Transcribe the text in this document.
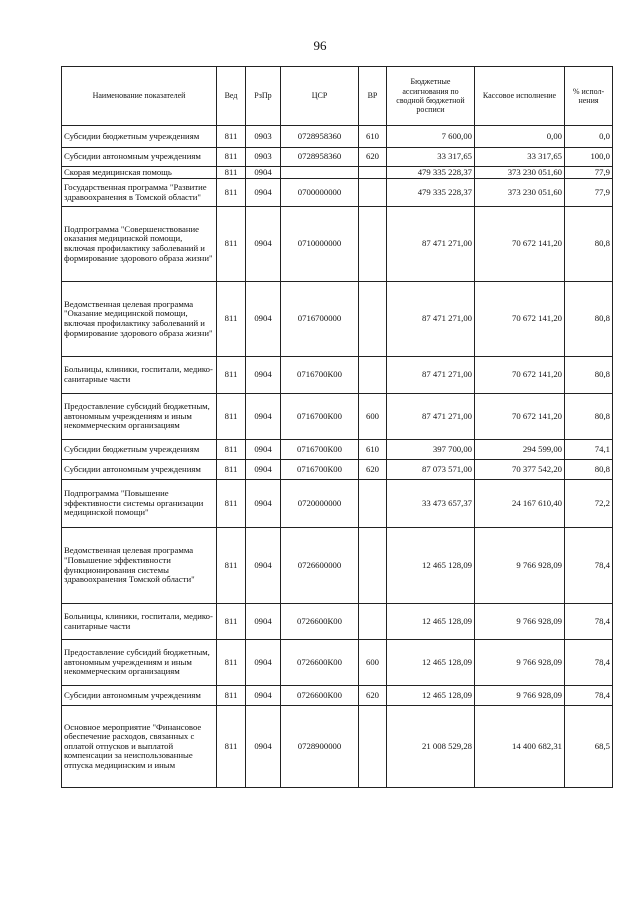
96
Наименование показателей	Вед	РзПр	ЦСР	ВР	Бюджетные ассигнования по сводной бюджетной росписи	Кассовое исполнение	% испол- нения
Субсидии бюджетным учреждениям	811	0903	0728958360	610	7 600,00	0,00	0,0
Субсидии автономным учреждениям	811	0903	0728958360	620	33 317,65	33 317,65	100,0
Скорая медицинская помощь	811	0904			479 335 228,37	373 230 051,60	77,9
Государственная программа "Развитие здравоохранения в Томской области"	811	0904	0700000000		479 335 228,37	373 230 051,60	77,9
Подпрограмма "Совершенствование оказания медицинской помощи, включая профилактику заболеваний и формирование здорового образа жизни"	811	0904	0710000000		87 471 271,00	70 672 141,20	80,8
Ведомственная целевая программа "Оказание медицинской помощи, включая профилактику заболеваний и формирование здорового образа жизни"	811	0904	0716700000		87 471 271,00	70 672 141,20	80,8
Больницы, клиники, госпитали, медико-санитарные части	811	0904	0716700К00		87 471 271,00	70 672 141,20	80,8
Предоставление субсидий бюджетным, автономным учреждениям и иным некоммерческим организациям	811	0904	0716700К00	600	87 471 271,00	70 672 141,20	80,8
Субсидии бюджетным учреждениям	811	0904	0716700К00	610	397 700,00	294 599,00	74,1
Субсидии автономным учреждениям	811	0904	0716700К00	620	87 073 571,00	70 377 542,20	80,8
Подпрограмма "Повышение эффективности системы организации медицинской помощи"	811	0904	0720000000		33 473 657,37	24 167 610,40	72,2
Ведомственная целевая программа "Повышение эффективности функционирования системы здравоохранения Томской области"	811	0904	0726600000		12 465 128,09	9 766 928,09	78,4
Больницы, клиники, госпитали, медико-санитарные части	811	0904	0726600К00		12 465 128,09	9 766 928,09	78,4
Предоставление субсидий бюджетным, автономным учреждениям и иным некоммерческим организациям	811	0904	0726600К00	600	12 465 128,09	9 766 928,09	78,4
Субсидии автономным учреждениям	811	0904	0726600К00	620	12 465 128,09	9 766 928,09	78,4
Основное мероприятие "Финансовое обеспечение расходов, связанных с оплатой отпусков и выплатой компенсации за неиспользованные отпуска медицинским и иным	811	0904	0728900000		21 008 529,28	14 400 682,31	68,5
